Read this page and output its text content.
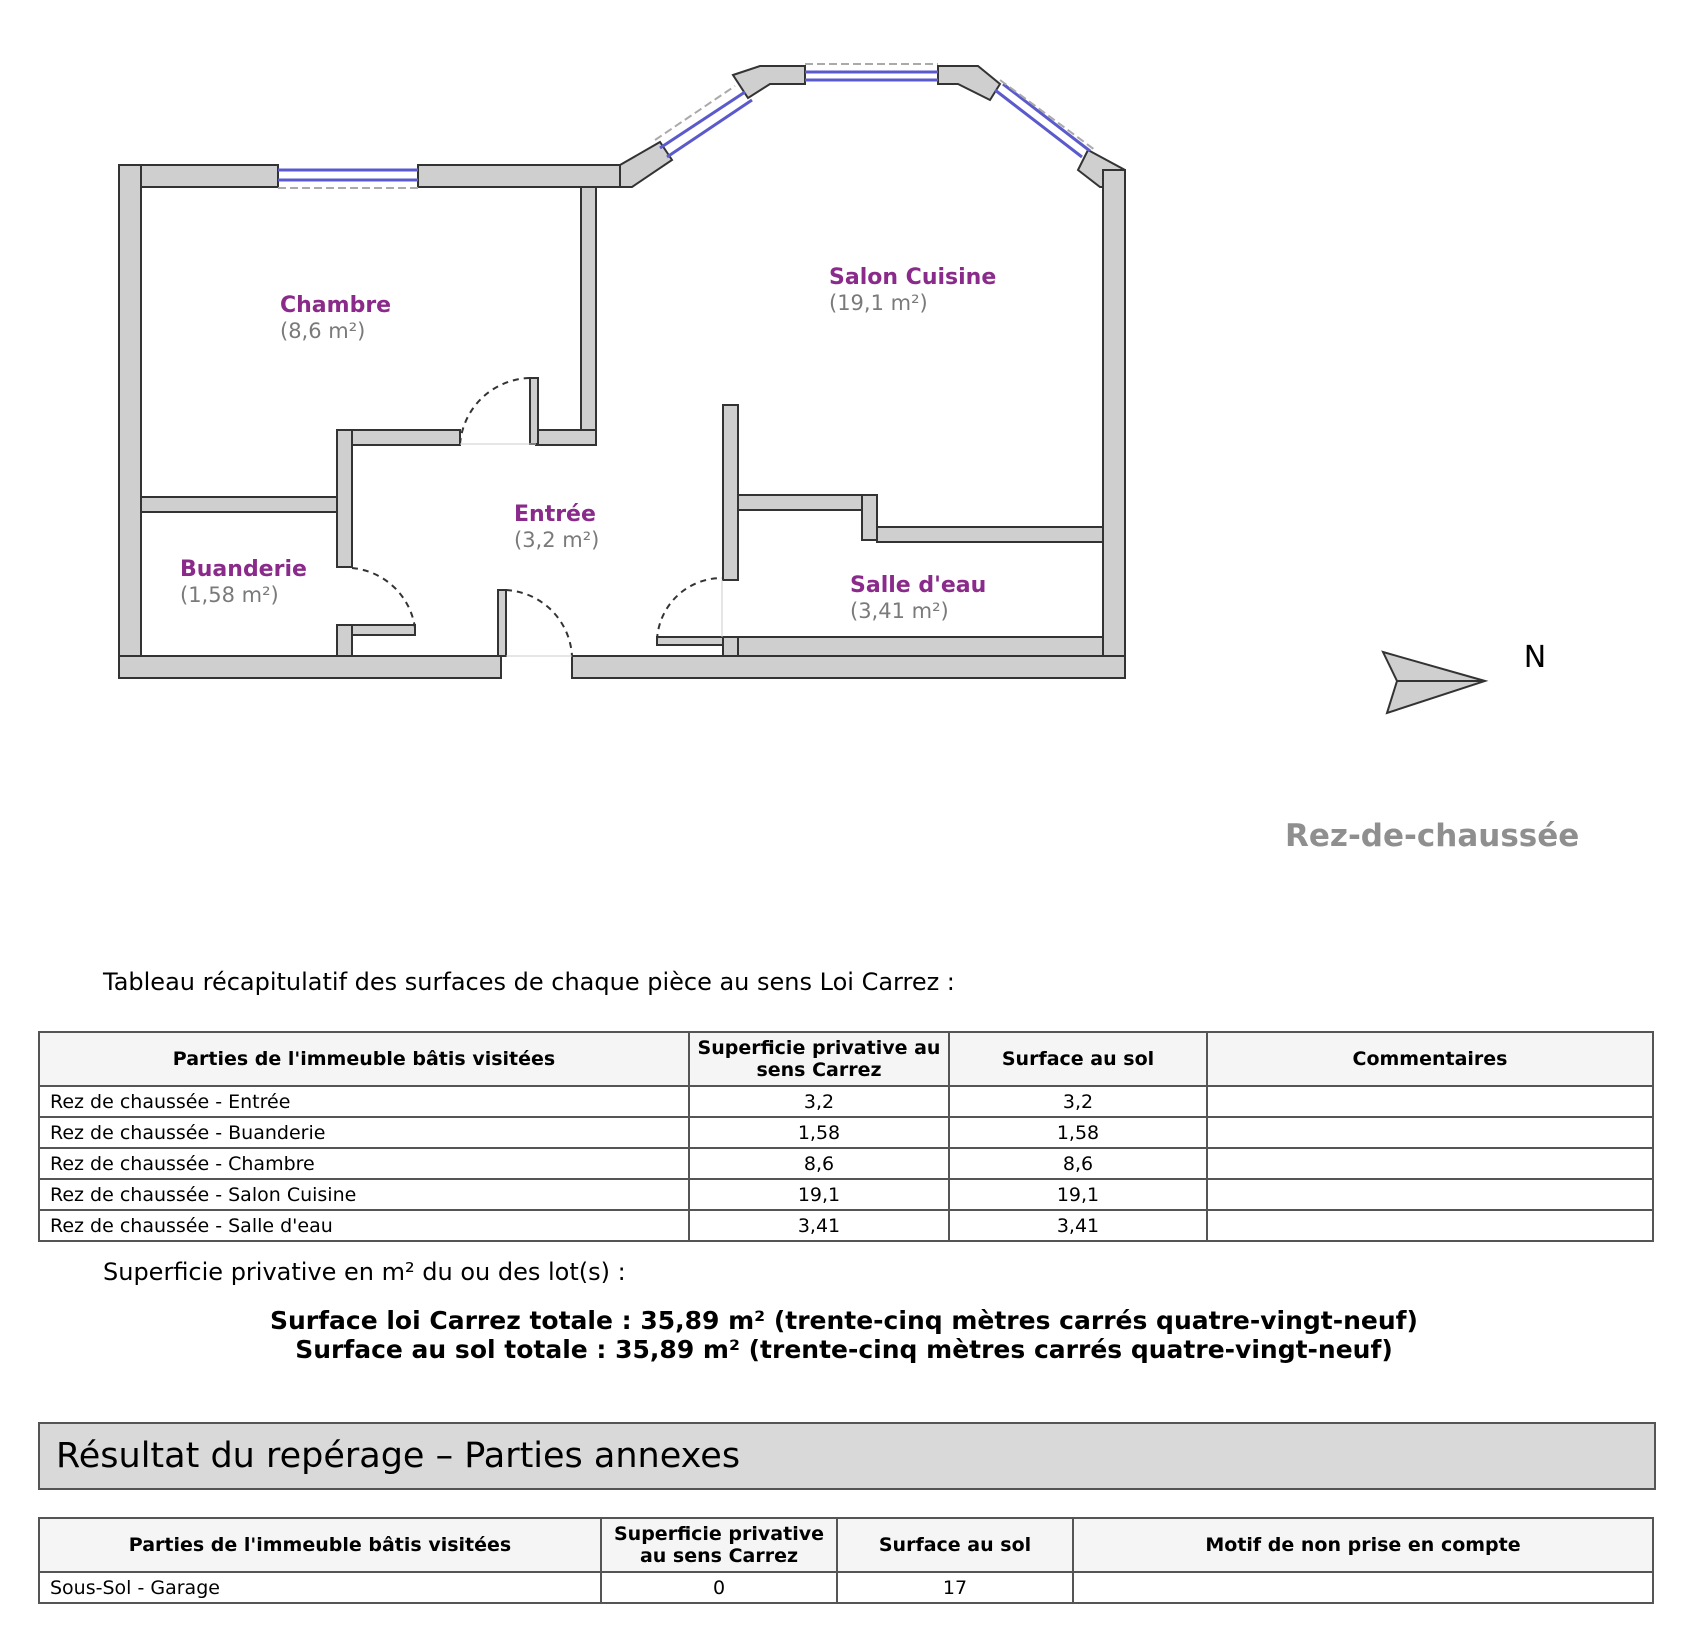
Chambre
(8,6 m²)
Salon Cuisine
(19,1 m²)
Entrée
(3,2 m²)
Buanderie
(1,58 m²)	Salle d'eau
(3,41 m²)
N
Rez-de-chaussée
Tableau récapitulatif des surfaces de chaque pièce au sens Loi Carrez :
Parties de l'immeuble bâtis visitées	Superficie privative au sens Carrez	Surface au sol	Commentaires
Rez de chaussée - Entrée	3,2	3,2	
Rez de chaussée - Buanderie	1,58	1,58	
Rez de chaussée - Chambre	8,6	8,6	
Rez de chaussée - Salon Cuisine	19,1	19,1	
Rez de chaussée - Salle d'eau	3,41	3,41	
Superficie privative en m² du ou des lot(s) :
Surface loi Carrez totale : 35,89 m² (trente-cinq mètres carrés quatre-vingt-neuf)
Surface au sol totale : 35,89 m² (trente-cinq mètres carrés quatre-vingt-neuf)
Résultat du repérage – Parties annexes
Parties de l'immeuble bâtis visitées	Superficie privative au sens Carrez	Surface au sol	Motif de non prise en compte
Sous-Sol - Garage	0	17	
